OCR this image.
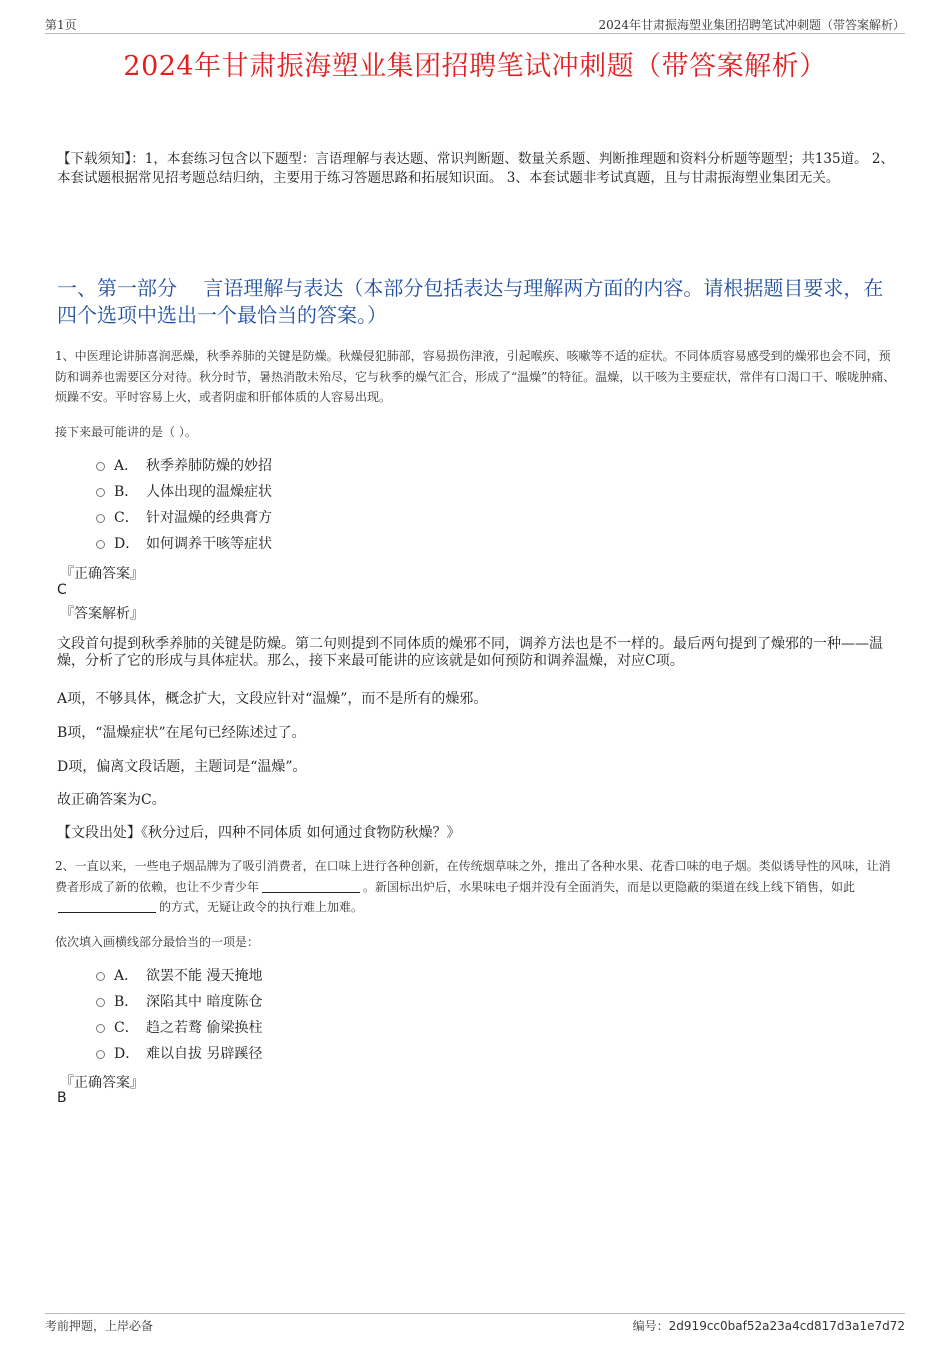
第1页	2024年甘肃振海塑业集团招聘笔试冲刺题（带答案解析）
2024年甘肃振海塑业集团招聘笔试冲刺题（带答案解析）
【下载须知】：1，本套练习包含以下题型：言语理解与表达题、常识判断题、数量关系题、判断推理题和资料分析题等题型；共135道。 2、本套试题根据常见招考题总结归纳，主要用于练习答题思路和拓展知识面。 3、本套试题非考试真题，且与甘肃振海塑业集团无关。
一、第一部分　 言语理解与表达（本部分包括表达与理解两方面的内容。请根据题目要求，在四个选项中选出一个最恰当的答案。）
1、中医理论讲肺喜润恶燥，秋季养肺的关键是防燥。秋燥侵犯肺部，容易损伤津液，引起喉疾、咳嗽等不适的症状。不同体质容易感受到的燥邪也会不同，预防和调养也需要区分对待。秋分时节，暑热消散未殆尽，它与秋季的燥气汇合，形成了“温燥”的特征。温燥，以干咳为主要症状，常伴有口渴口干、喉咙肿痛、烦躁不安。平时容易上火，或者阴虚和肝郁体质的人容易出现。
接下来最可能讲的是（ ）。
A． 秋季养肺防燥的妙招
B． 人体出现的温燥症状
C． 针对温燥的经典膏方
D． 如何调养干咳等症状
『正确答案』
C
『答案解析』
文段首句提到秋季养肺的关键是防燥。第二句则提到不同体质的燥邪不同，调养方法也是不一样的。最后两句提到了燥邪的一种——温燥，分析了它的形成与具体症状。那么，接下来最可能讲的应该就是如何预防和调养温燥，对应C项。
A项，不够具体，概念扩大，文段应针对“温燥”，而不是所有的燥邪。
B项，“温燥症状”在尾句已经陈述过了。
D项，偏离文段话题，主题词是“温燥”。
故正确答案为C。
【文段出处】《秋分过后，四种不同体质 如何通过食物防秋燥？》
2、一直以来，一些电子烟品牌为了吸引消费者，在口味上进行各种创新，在传统烟草味之外，推出了各种水果、花香口味的电子烟。类似诱导性的风味，让消费者形成了新的依赖，也让不少青少年	。新国标出炉后，水果味电子烟并没有全面消失，而是以更隐蔽的渠道在线上线下销售，如此的方式，无疑让政令的执行难上加难。
依次填入画横线部分最恰当的一项是：
A． 欲罢不能 漫天掩地
B． 深陷其中 暗度陈仓
C． 趋之若鹜 偷梁换柱
D． 难以自拔 另辟蹊径
『正确答案』
B
考前押题，上岸必备	编号：2d919cc0baf52a23a4cd817d3a1e7d72
